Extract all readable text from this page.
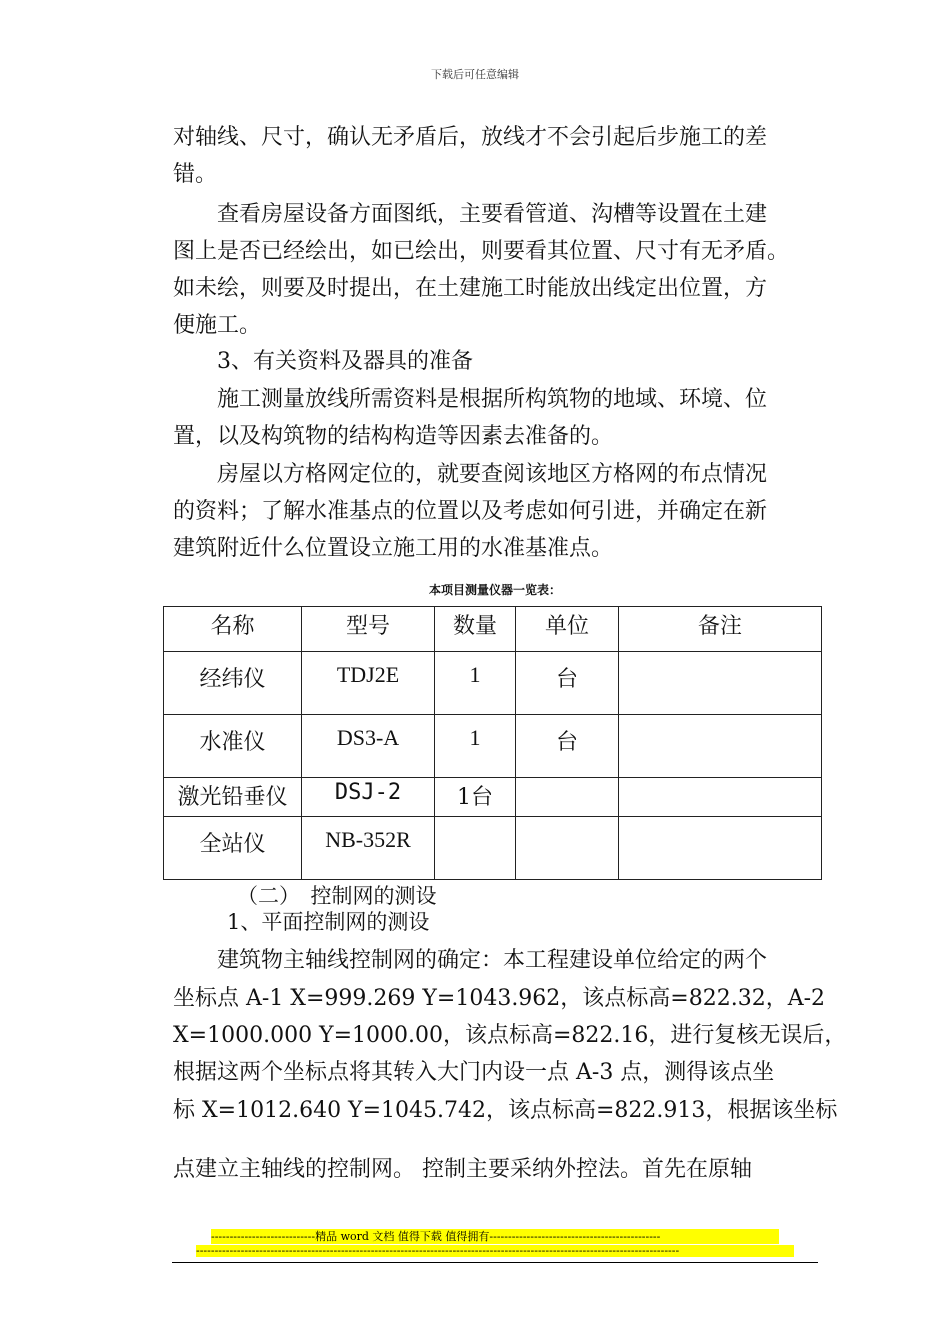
下载后可任意编辑

对轴线、尺寸，确认无矛盾后，放线才不会引起后步施工的差

错。

　　查看房屋设备方面图纸，主要看管道、沟槽等设置在土建

图上是否已经绘出，如已绘出，则要看其位置、尺寸有无矛盾。

如未绘，则要及时提出，在土建施工时能放出线定出位置，方

便施工。

　　3、有关资料及器具的准备

　　施工测量放线所需资料是根据所构筑物的地域、环境、位

置，以及构筑物的结构构造等因素去准备的。

　　房屋以方格网定位的，就要查阅该地区方格网的布点情况

的资料；了解水准基点的位置以及考虑如何引进，并确定在新

建筑附近什么位置设立施工用的水准基准点。

本项目测量仪器一览表：
名称	型号	数量	单位	备注
经纬仪	TDJ2E	1	台	
水准仪	DS3-A	1	台	
激光铅垂仪	DSJ-2	1台		
全站仪	NB-352R			

（二）　控制网的测设

1、平面控制网的测设

　　建筑物主轴线控制网的确定：本工程建设单位给定的两个

坐标点 A-1 X=999.269 Y=1043.962，该点标高=822.32，A-2

X=1000.000 Y=1000.00，该点标高=822.16，进行复核无误后，

根据这两个坐标点将其转入大门内设一点 A-3 点，测得该点坐

标 X=1012.640 Y=1045.742，该点标高=822.913，根据该坐标

点建立主轴线的控制网。 控制主要采纳外控法。首先在原轴

----------------------------精品 word 文档 值得下载 值得拥有----------------------------------------------
----------------------------------------------------------------------------------------------------------------------------------
